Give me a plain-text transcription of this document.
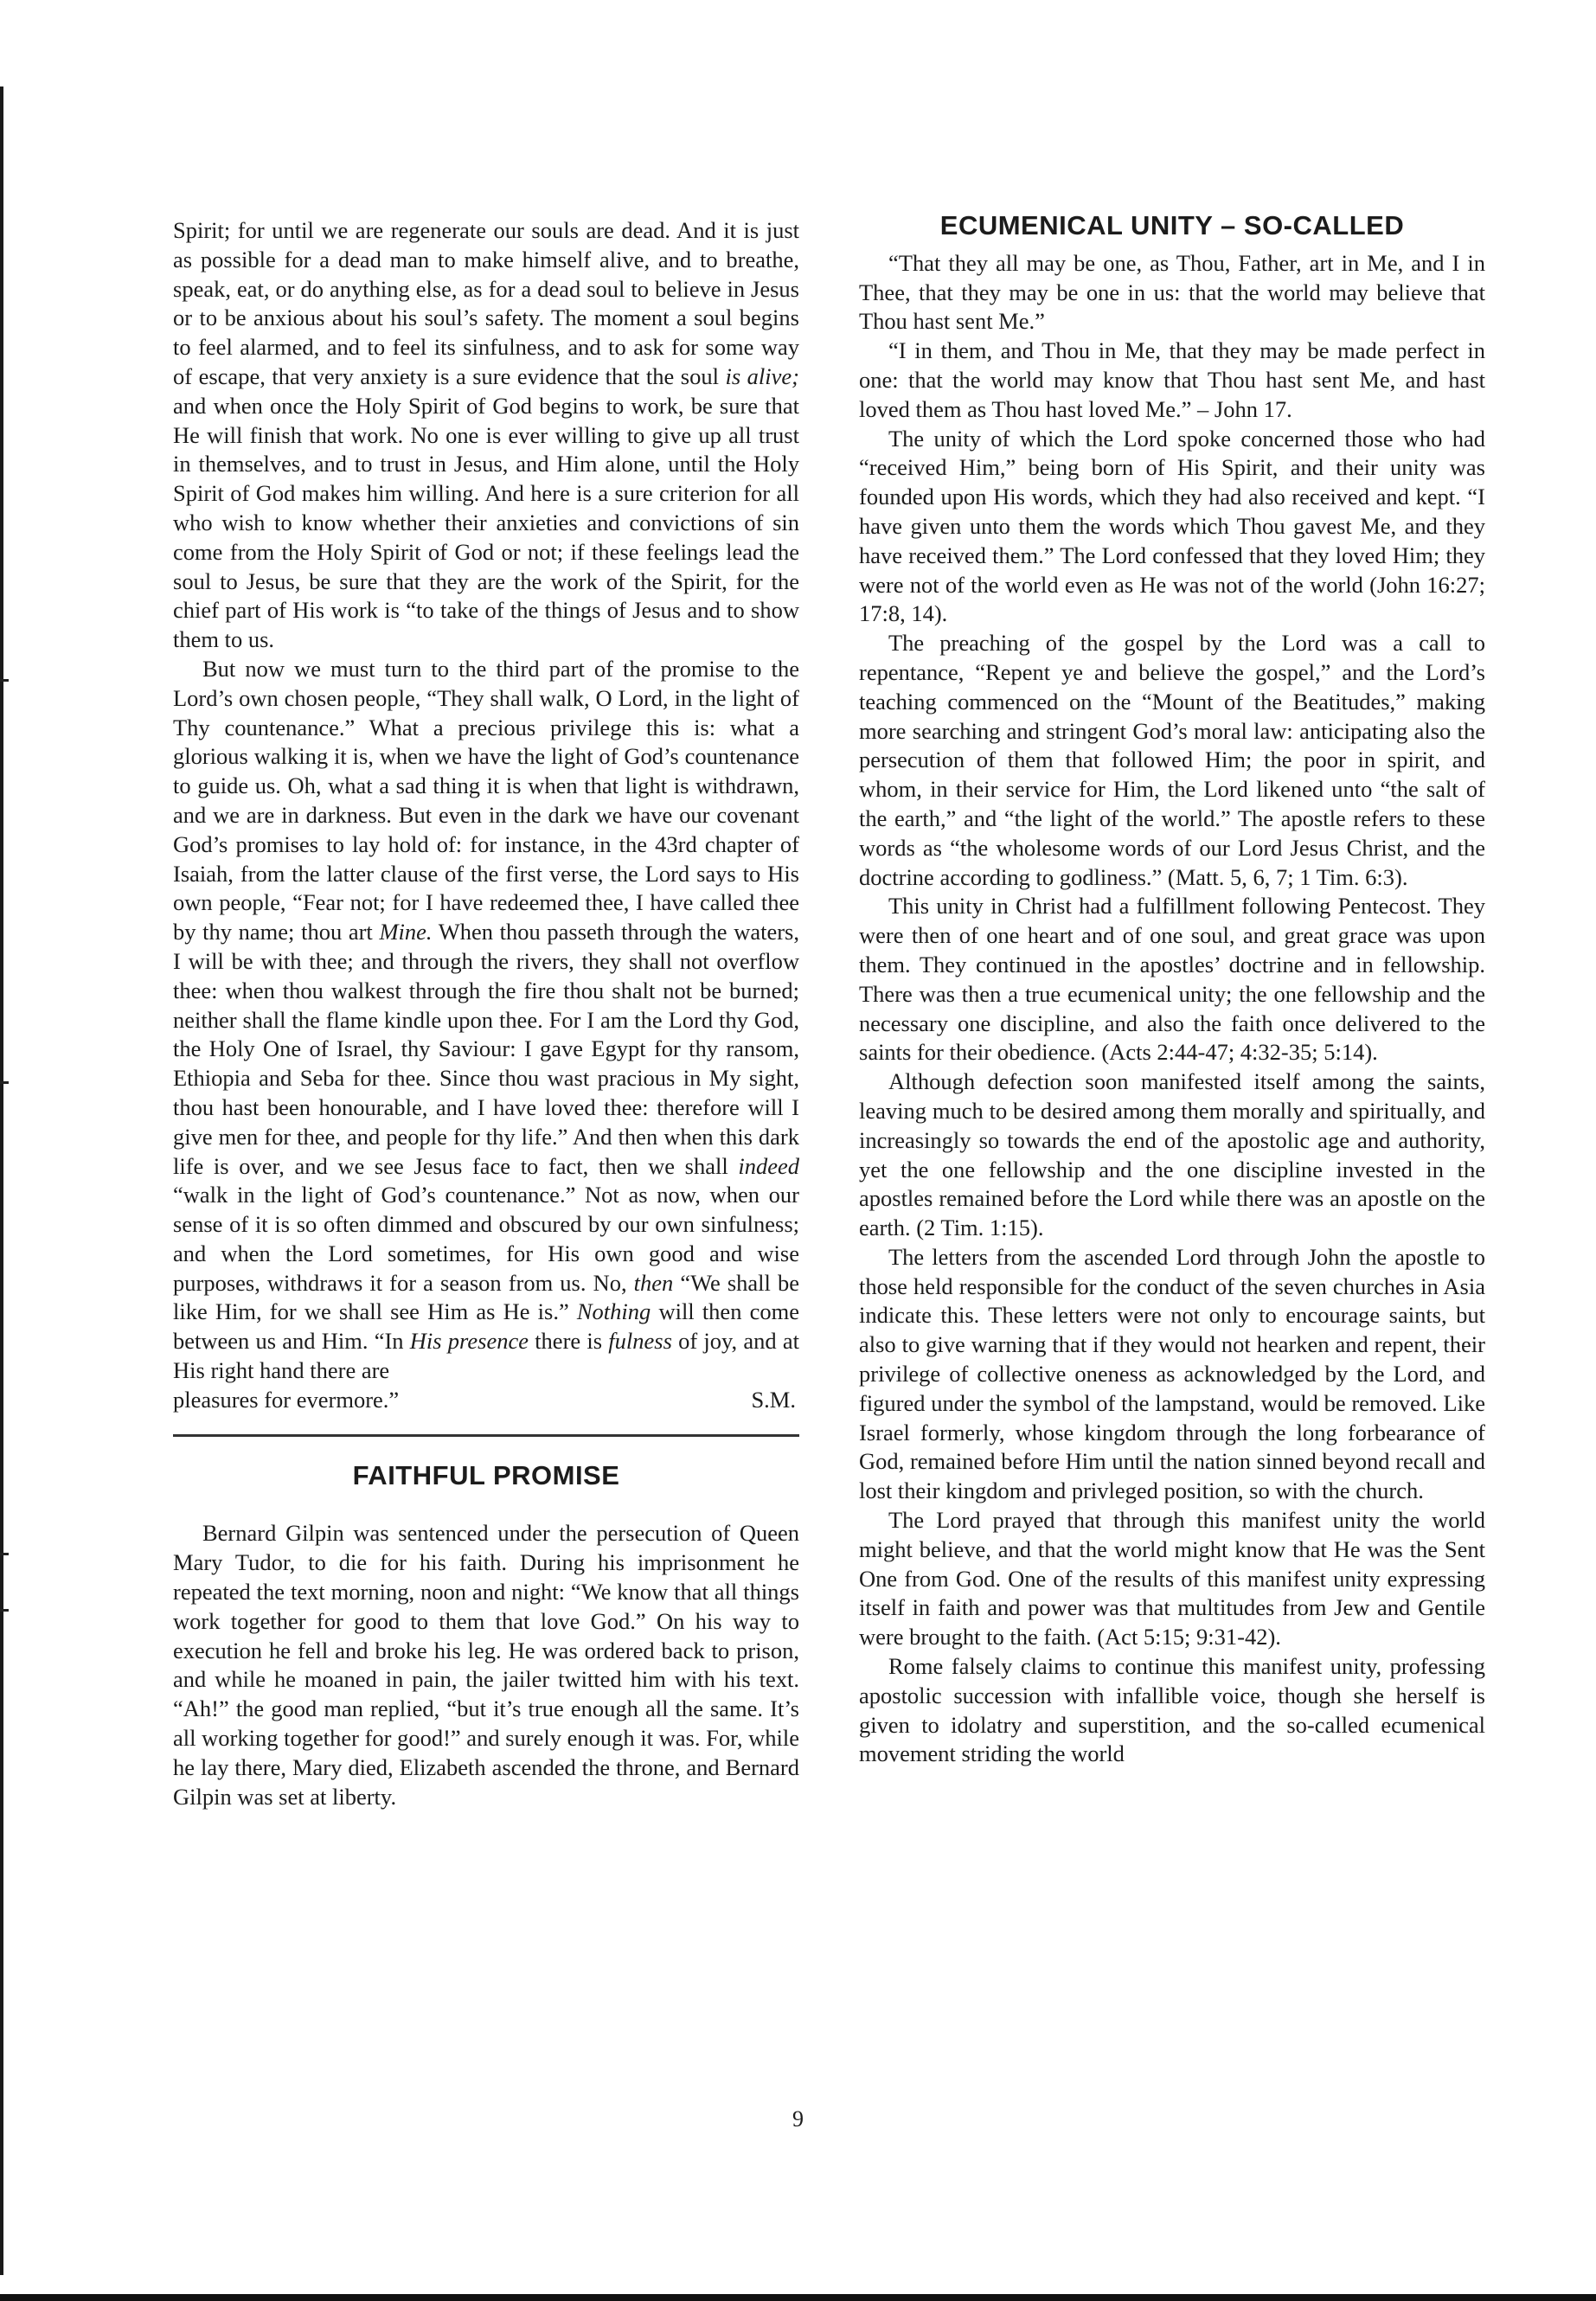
Spirit; for until we are regenerate our souls are dead. And it is just as possible for a dead man to make himself alive, and to breathe, speak, eat, or do anything else, as for a dead soul to believe in Jesus or to be anxious about his soul’s safety. The moment a soul begins to feel alarmed, and to feel its sinfulness, and to ask for some way of escape, that very anxiety is a sure evidence that the soul is alive; and when once the Holy Spirit of God begins to work, be sure that He will finish that work. No one is ever willing to give up all trust in themselves, and to trust in Jesus, and Him alone, until the Holy Spirit of God makes him willing. And here is a sure criterion for all who wish to know whether their anxieties and convictions of sin come from the Holy Spirit of God or not; if these feelings lead the soul to Jesus, be sure that they are the work of the Spirit, for the chief part of His work is “to take of the things of Jesus and to show them to us.

But now we must turn to the third part of the promise to the Lord’s own chosen people, “They shall walk, O Lord, in the light of Thy countenance.” What a precious privilege this is: what a glorious walking it is, when we have the light of God’s countenance to guide us. Oh, what a sad thing it is when that light is withdrawn, and we are in darkness. But even in the dark we have our covenant God’s promises to lay hold of: for instance, in the 43rd chapter of Isaiah, from the latter clause of the first verse, the Lord says to His own people, “Fear not; for I have redeemed thee, I have called thee by thy name; thou art Mine. When thou passeth through the waters, I will be with thee; and through the rivers, they shall not overflow thee: when thou walkest through the fire thou shalt not be burned; neither shall the flame kindle upon thee. For I am the Lord thy God, the Holy One of Israel, thy Saviour: I gave Egypt for thy ransom, Ethiopia and Seba for thee. Since thou wast pracious in My sight, thou hast been honourable, and I have loved thee: therefore will I give men for thee, and people for thy life.” And then when this dark life is over, and we see Jesus face to fact, then we shall indeed “walk in the light of God’s countenance.” Not as now, when our sense of it is so often dimmed and obscured by our own sinfulness; and when the Lord sometimes, for His own good and wise purposes, withdraws it for a season from us. No, then “We shall be like Him, for we shall see Him as He is.” Nothing will then come between us and Him. “In His presence there is fulness of joy, and at His right hand there are

pleasures for evermore.”	S.M.

FAITHFUL PROMISE

Bernard Gilpin was sentenced under the persecution of Queen Mary Tudor, to die for his faith. During his imprisonment he repeated the text morning, noon and night: “We know that all things work together for good to them that love God.” On his way to execution he fell and broke his leg. He was ordered back to prison, and while he moaned in pain, the jailer twitted him with his text. “Ah!” the good man replied, “but it’s true enough all the same. It’s all working together for good!” and surely enough it was. For, while he lay there, Mary died, Elizabeth ascended the throne, and Bernard Gilpin was set at liberty.

ECUMENICAL UNITY – SO-CALLED

“That they all may be one, as Thou, Father, art in Me, and I in Thee, that they may be one in us: that the world may believe that Thou hast sent Me.”

“I in them, and Thou in Me, that they may be made perfect in one: that the world may know that Thou hast sent Me, and hast loved them as Thou hast loved Me.” – John 17.

The unity of which the Lord spoke concerned those who had “received Him,” being born of His Spirit, and their unity was founded upon His words, which they had also received and kept. “I have given unto them the words which Thou gavest Me, and they have received them.” The Lord confessed that they loved Him; they were not of the world even as He was not of the world (John 16:27; 17:8, 14).

The preaching of the gospel by the Lord was a call to repentance, “Repent ye and believe the gospel,” and the Lord’s teaching commenced on the “Mount of the Beatitudes,” making more searching and stringent God’s moral law: anticipating also the persecution of them that followed Him; the poor in spirit, and whom, in their service for Him, the Lord likened unto “the salt of the earth,” and “the light of the world.” The apostle refers to these words as “the wholesome words of our Lord Jesus Christ, and the doctrine according to godliness.” (Matt. 5, 6, 7; 1 Tim. 6:3).

This unity in Christ had a fulfillment following Pentecost. They were then of one heart and of one soul, and great grace was upon them. They continued in the apostles’ doctrine and in fellowship. There was then a true ecumenical unity; the one fellowship and the necessary one discipline, and also the faith once delivered to the saints for their obedience. (Acts 2:44-47; 4:32-35; 5:14).

Although defection soon manifested itself among the saints, leaving much to be desired among them morally and spiritually, and increasingly so towards the end of the apostolic age and authority, yet the one fellowship and the one discipline invested in the apostles remained before the Lord while there was an apostle on the earth. (2 Tim. 1:15).

The letters from the ascended Lord through John the apostle to those held responsible for the conduct of the seven churches in Asia indicate this. These letters were not only to encourage saints, but also to give warning that if they would not hearken and repent, their privilege of collective oneness as acknowledged by the Lord, and figured under the symbol of the lampstand, would be removed. Like Israel formerly, whose kingdom through the long forbearance of God, remained before Him until the nation sinned beyond recall and lost their kingdom and privleged position, so with the church.

The Lord prayed that through this manifest unity the world might believe, and that the world might know that He was the Sent One from God. One of the results of this manifest unity expressing itself in faith and power was that multitudes from Jew and Gentile were brought to the faith. (Act 5:15; 9:31-42).

Rome falsely claims to continue this manifest unity, professing apostolic succession with infallible voice, though she herself is given to idolatry and superstition, and the so-called ecumenical movement striding the world

9
